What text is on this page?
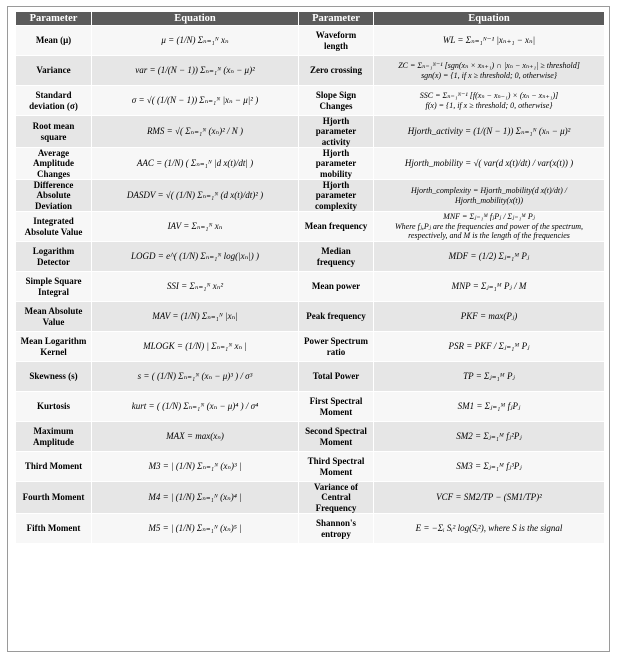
Parameter	Equation	Parameter	Equation
Mean (μ)	μ = (1/N) Σₙ₌₁ᴺ xₙ	Waveform length	WL = Σₙ₌₁ᴺ⁻¹ |xₙ₊₁ − xₙ|
Variance	var = (1/(N − 1)) Σₙ₌₁ᴺ (xₙ − μ)²	Zero crossing	ZC = Σₙ₌₁ᴺ⁻¹ [sgn(xₙ × xₙ₊₁) ∩ |xₙ − xₙ₊₁| ≥ threshold]
sgn(x) = {1, if x ≥ threshold; 0, otherwise}
Standard deviation (σ)	σ = √( (1/(N − 1)) Σₙ₌₁ᴺ |xₙ − μ|² )	Slope Sign Changes	SSC = Σₙ₌₁ᴺ⁻¹ [f(xₙ − xₙ₋₁) × (xₙ − xₙ₊₁)]
f(x) = {1, if x ≥ threshold; 0, otherwise}
Root mean square	RMS = √( Σₙ₌₁ᴺ (xₙ)² / N )	Hjorth parameter activity	Hjorth_activity = (1/(N − 1)) Σₙ₌₁ᴺ (xₙ − μ)²
Average Amplitude Changes	AAC = (1/N) ( Σₙ₌₁ᴺ |d x(t)/dt| )	Hjorth parameter mobility	Hjorth_mobility = √( var(d x(t)/dt) / var(x(t)) )
Difference Absolute Deviation	DASDV = √( (1/N) Σₙ₌₁ᴺ (d x(t)/dt)² )	Hjorth parameter complexity	Hjorth_complexity = Hjorth_mobility(d x(t)/dt) / Hjorth_mobility(x(t))
Integrated Absolute Value	IAV = Σₙ₌₁ᴺ xₙ	Mean frequency	MNF = Σⱼ₌₁ᴹ fⱼPⱼ / Σⱼ₌₁ᴹ Pⱼ
Where fⱼ,Pⱼ are the frequencies and power of the spectrum, respectively, and M is the length of the frequencies
Logarithm Detector	LOGD = e^( (1/N) Σₙ₌₁ᴺ log(|xₙ|) )	Median frequency	MDF = (1/2) Σⱼ₌₁ᴹ Pⱼ
Simple Square Integral	SSI = Σₙ₌₁ᴺ xₙ²	Mean power	MNP = Σⱼ₌₁ᴹ Pⱼ / M
Mean Absolute Value	MAV = (1/N) Σₙ₌₁ᴺ |xₙ|	Peak frequency	PKF = max(Pⱼ)
Mean Logarithm Kernel	MLOGK = (1/N) | Σₙ₌₁ᴺ xₙ |	Power Spectrum ratio	PSR = PKF / Σⱼ₌₁ᴹ Pⱼ
Skewness (s)	s = ( (1/N) Σₙ₌₁ᴺ (xₙ − μ)³ ) / σ³	Total Power	TP = Σⱼ₌₁ᴹ Pⱼ
Kurtosis	kurt = ( (1/N) Σₙ₌₁ᴺ (xₙ − μ)⁴ ) / σ⁴	First Spectral Moment	SM1 = Σⱼ₌₁ᴹ fⱼPⱼ
Maximum Amplitude	MAX = max(xₙ)	Second Spectral Moment	SM2 = Σⱼ₌₁ᴹ fⱼ²Pⱼ
Third Moment	M3 = | (1/N) Σₙ₌₁ᴺ (xₙ)³ |	Third Spectral Moment	SM3 = Σⱼ₌₁ᴹ fⱼ³Pⱼ
Fourth Moment	M4 = | (1/N) Σₙ₌₁ᴺ (xₙ)⁴ |	Variance of Central Frequency	VCF = SM2/TP − (SM1/TP)²
Fifth Moment	M5 = | (1/N) Σₙ₌₁ᴺ (xₙ)⁵ |	Shannon's entropy	E = −Σᵢ Sᵢ² log(Sᵢ²), where S is the signal
